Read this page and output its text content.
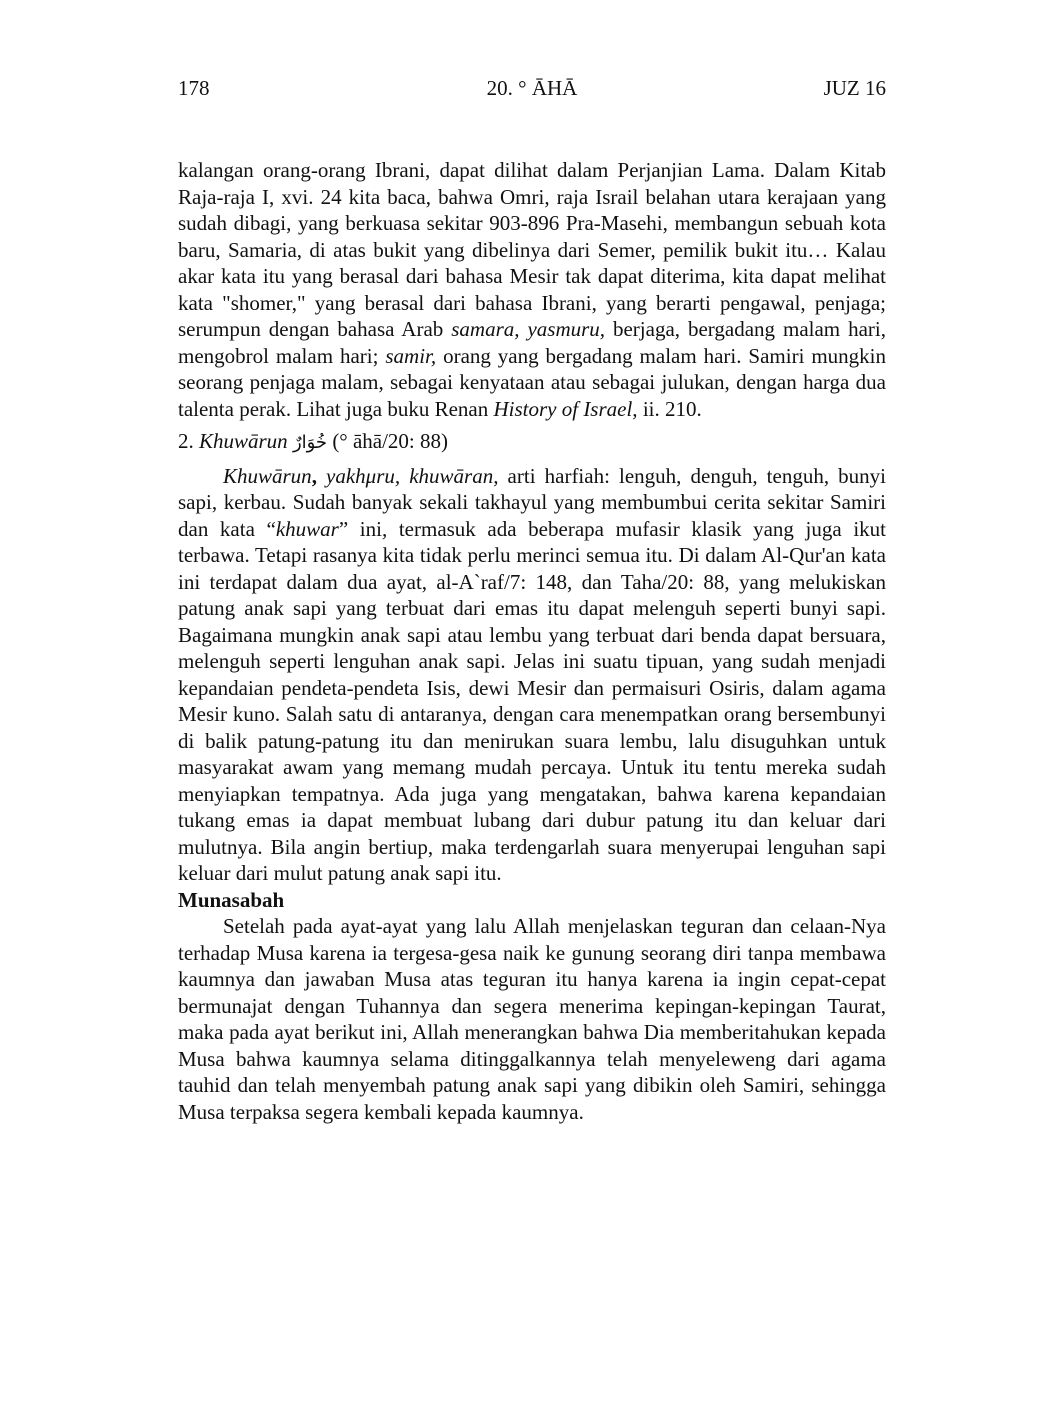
178	20. ° ĀHĀ	JUZ 16

kalangan orang-orang Ibrani, dapat dilihat dalam Perjanjian Lama. Dalam Kitab Raja-raja I, xvi. 24 kita baca, bahwa Omri, raja Israil belahan utara kerajaan yang sudah dibagi, yang berkuasa sekitar 903-896 Pra-Masehi, membangun sebuah kota baru, Samaria, di atas bukit yang dibelinya dari Semer, pemilik bukit itu… Kalau akar kata itu yang berasal dari bahasa Mesir tak dapat diterima, kita dapat melihat kata "shomer," yang berasal dari bahasa Ibrani, yang berarti pengawal, penjaga; serumpun dengan bahasa Arab samara, yasmuru, berjaga, bergadang malam hari, mengobrol malam hari; samir, orang yang bergadang malam hari. Samiri mungkin seorang penjaga malam, sebagai kenyataan atau sebagai julukan, dengan harga dua talenta perak. Lihat juga buku Renan History of Israel, ii. 210.

2. Khuwārun خُوَارٌ (° āhā/20: 88)

Khuwārun, yakhμru, khuwāran, arti harfiah: lenguh, denguh, tenguh, bunyi sapi, kerbau. Sudah banyak sekali takhayul yang membumbui cerita sekitar Samiri dan kata “khuwar” ini, termasuk ada beberapa mufasir klasik yang juga ikut terbawa. Tetapi rasanya kita tidak perlu merinci semua itu. Di dalam Al-Qur'an kata ini terdapat dalam dua ayat, al-A`raf/7: 148, dan Taha/20: 88, yang melukiskan patung anak sapi yang terbuat dari emas itu dapat melenguh seperti bunyi sapi. Bagaimana mungkin anak sapi atau lembu yang terbuat dari benda dapat bersuara, melenguh seperti lenguhan anak sapi. Jelas ini suatu tipuan, yang sudah menjadi kepandaian pendeta-pendeta Isis, dewi Mesir dan permaisuri Osiris, dalam agama Mesir kuno. Salah satu di antaranya, dengan cara menempatkan orang bersembunyi di balik patung-patung itu dan menirukan suara lembu, lalu disuguhkan untuk masyarakat awam yang memang mudah percaya. Untuk itu tentu mereka sudah menyiapkan tempatnya. Ada juga yang mengatakan, bahwa karena kepandaian tukang emas ia dapat membuat lubang dari dubur patung itu dan keluar dari mulutnya. Bila angin bertiup, maka terdengarlah suara menyerupai lenguhan sapi keluar dari mulut patung anak sapi itu.

Munasabah

Setelah pada ayat-ayat yang lalu Allah menjelaskan teguran dan celaan-Nya terhadap Musa karena ia tergesa-gesa naik ke gunung seorang diri tanpa membawa kaumnya dan jawaban Musa atas teguran itu hanya karena ia ingin cepat-cepat bermunajat dengan Tuhannya dan segera menerima kepingan-kepingan Taurat, maka pada ayat berikut ini, Allah menerangkan bahwa Dia memberitahukan kepada Musa bahwa kaumnya selama ditinggalkannya telah menyeleweng dari agama tauhid dan telah menyembah patung anak sapi yang dibikin oleh Samiri, sehingga Musa terpaksa segera kembali kepada kaumnya.
